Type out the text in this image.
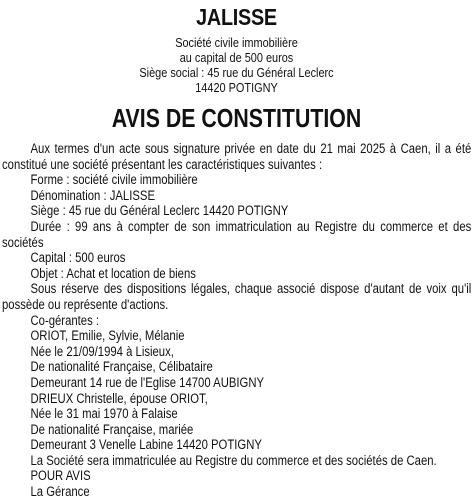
JALISSE
Société civile immobilière
au capital de 500 euros
Siège social : 45 rue du Général Leclerc
14420 POTIGNY
AVIS DE CONSTITUTION

Aux termes d'un acte sous signature privée en date du 21 mai 2025 à Caen, il a été constitué une société présentant les caractéristiques suivantes :

Forme : société civile immobilière

Dénomination : JALISSE

Siège : 45 rue du Général Leclerc 14420 POTIGNY

Durée : 99 ans à compter de son immatriculation au Registre du commerce et des sociétés

Capital : 500 euros

Objet : Achat et location de biens

Sous réserve des dispositions légales, chaque associé dispose d'autant de voix qu'il possède ou représente d'actions.

Co-gérantes :

ORIOT, Emilie, Sylvie, Mélanie

Née le 21/09/1994 à Lisieux,

De nationalité Française, Célibataire

Demeurant 14 rue de l'Eglise 14700 AUBIGNY

DRIEUX Christelle, épouse ORIOT,

Née le 31 mai 1970 à Falaise

De nationalité Française, mariée

Demeurant 3 Venelle Labine 14420 POTIGNY

La Société sera immatriculée au Registre du commerce et des sociétés de Caen.

POUR AVIS

La Gérance
